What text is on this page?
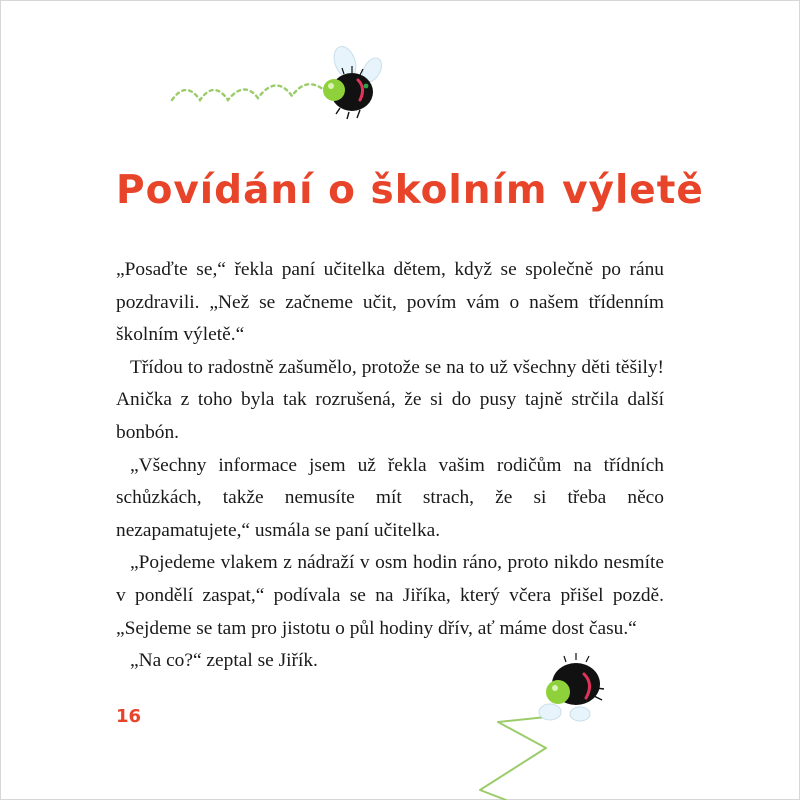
Povídání o školním výletě

„Posaďte se,“ řekla paní učitelka dětem, když se společně po ránu pozdravili. „Než se začneme učit, povím vám o našem třídenním školním výletě.“

Třídou to radostně zašumělo, protože se na to už všechny děti těšily! Anička z toho byla tak rozrušená, že si do pusy tajně strčila další bonbón.

„Všechny informace jsem už řekla vašim rodičům na třídních schůzkách, takže nemusíte mít strach, že si třeba něco nezapamatujete,“ usmála se paní učitelka.

„Pojedeme vlakem z nádraží v osm hodin ráno, proto nikdo nesmíte v pondělí zaspat,“ podívala se na Jiříka, který včera přišel pozdě. „Sejdeme se tam pro jistotu o půl hodiny dřív, ať máme dost času.“

„Na co?“ zeptal se Jiřík.

16
